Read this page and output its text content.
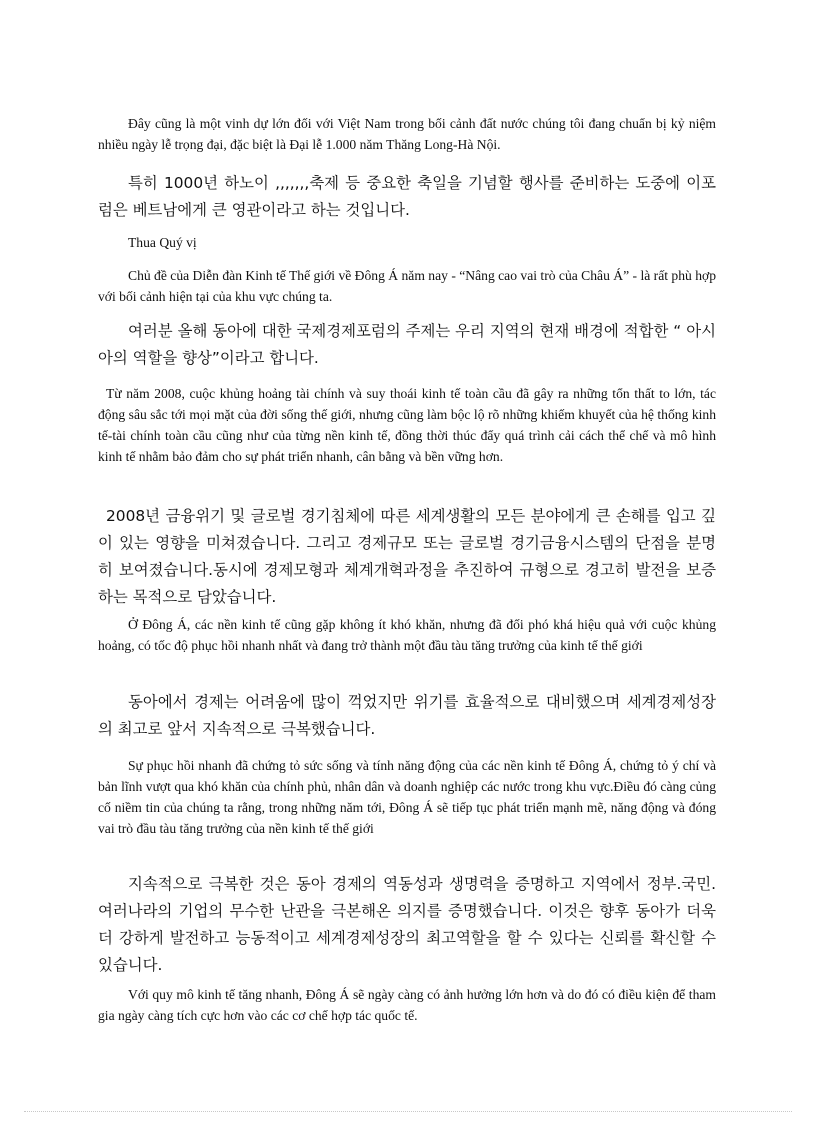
Đây cũng là một vinh dự lớn đối với Việt Nam trong bối cảnh đất nước chúng tôi đang chuẩn bị kỷ niệm nhiều ngày lễ trọng đại, đặc biệt là Đại lễ 1.000 năm Thăng Long-Hà Nội.

특히 1000년 하노이 ,,,,,,,축제 등 중요한 축일을 기념할 행사를 준비하는 도중에 이포럼은 베트남에게 큰 영관이라고 하는 것입니다.

Thua Quý vị

Chủ đề của Diễn đàn Kinh tế Thế giới về Đông Á năm nay - “Nâng cao vai trò của Châu Á” - là rất phù hợp với bối cảnh hiện tại của khu vực chúng ta.

여러분 올해 동아에 대한 국제경제포럼의 주제는 우리 지역의 현재 배경에 적합한 “ 아시아의 역할을 향상”이라고 합니다.

Từ năm 2008, cuộc khủng hoảng tài chính và suy thoái kinh tế toàn cầu đã gây ra những tổn thất to lớn, tác động sâu sắc tới mọi mặt của đời sống thế giới, nhưng cũng làm bộc lộ rõ những khiếm khuyết của hệ thống kinh tế-tài chính toàn cầu cũng như của từng nền kinh tế, đồng thời thúc đẩy quá trình cải cách thể chế và mô hình kinh tế nhằm bảo đảm cho sự phát triển nhanh, cân bằng và bền vững hơn.

2008년 금융위기 및 글로벌 경기침체에 따른 세계생활의 모든 분야에게 큰 손해를 입고 깊이 있는 영향을 미쳐졌습니다. 그리고 경제규모 또는 글로벌 경기금융시스템의 단점을 분명히 보여졌습니다.동시에 경제모형과 체계개혁과정을 추진하여 규형으로 경고히 발전을 보증하는 목적으로 담았습니다.

Ở Đông Á, các nền kinh tế cũng gặp không ít khó khăn, nhưng đã đối phó khá hiệu quả với cuộc khủng hoảng, có tốc độ phục hồi nhanh nhất và đang trở thành một đầu tàu tăng trưởng của kinh tế thế giới

동아에서 경제는 어려움에 많이 꺽었지만 위기를 효율적으로 대비했으며 세계경제성장의 최고로 앞서 지속적으로 극복했습니다.

Sự phục hồi nhanh đã chứng tỏ sức sống và tính năng động của các nền kinh tế Đông Á, chứng tỏ ý chí và bản lĩnh vượt qua khó khăn của chính phủ, nhân dân và doanh nghiệp các nước trong khu vực.Điều đó càng củng cố niềm tin của chúng ta rằng, trong những năm tới, Đông Á sẽ tiếp tục phát triển mạnh mẽ, năng động và đóng vai trò đầu tàu tăng trưởng của nền kinh tế thế giới

지속적으로 극복한 것은 동아 경제의 역동성과 생명력을 증명하고 지역에서 정부.국민.여러나라의 기업의 무수한 난관을 극본해온 의지를 증명했습니다. 이것은 향후 동아가 더욱더 강하게 발전하고 능동적이고 세계경제성장의 최고역할을 할 수 있다는 신뢰를 확신할 수 있습니다.

Với quy mô kinh tế tăng nhanh, Đông Á sẽ ngày càng có ảnh hưởng lớn hơn và do đó có điều kiện để tham gia ngày càng tích cực hơn vào các cơ chế hợp tác quốc tế.
